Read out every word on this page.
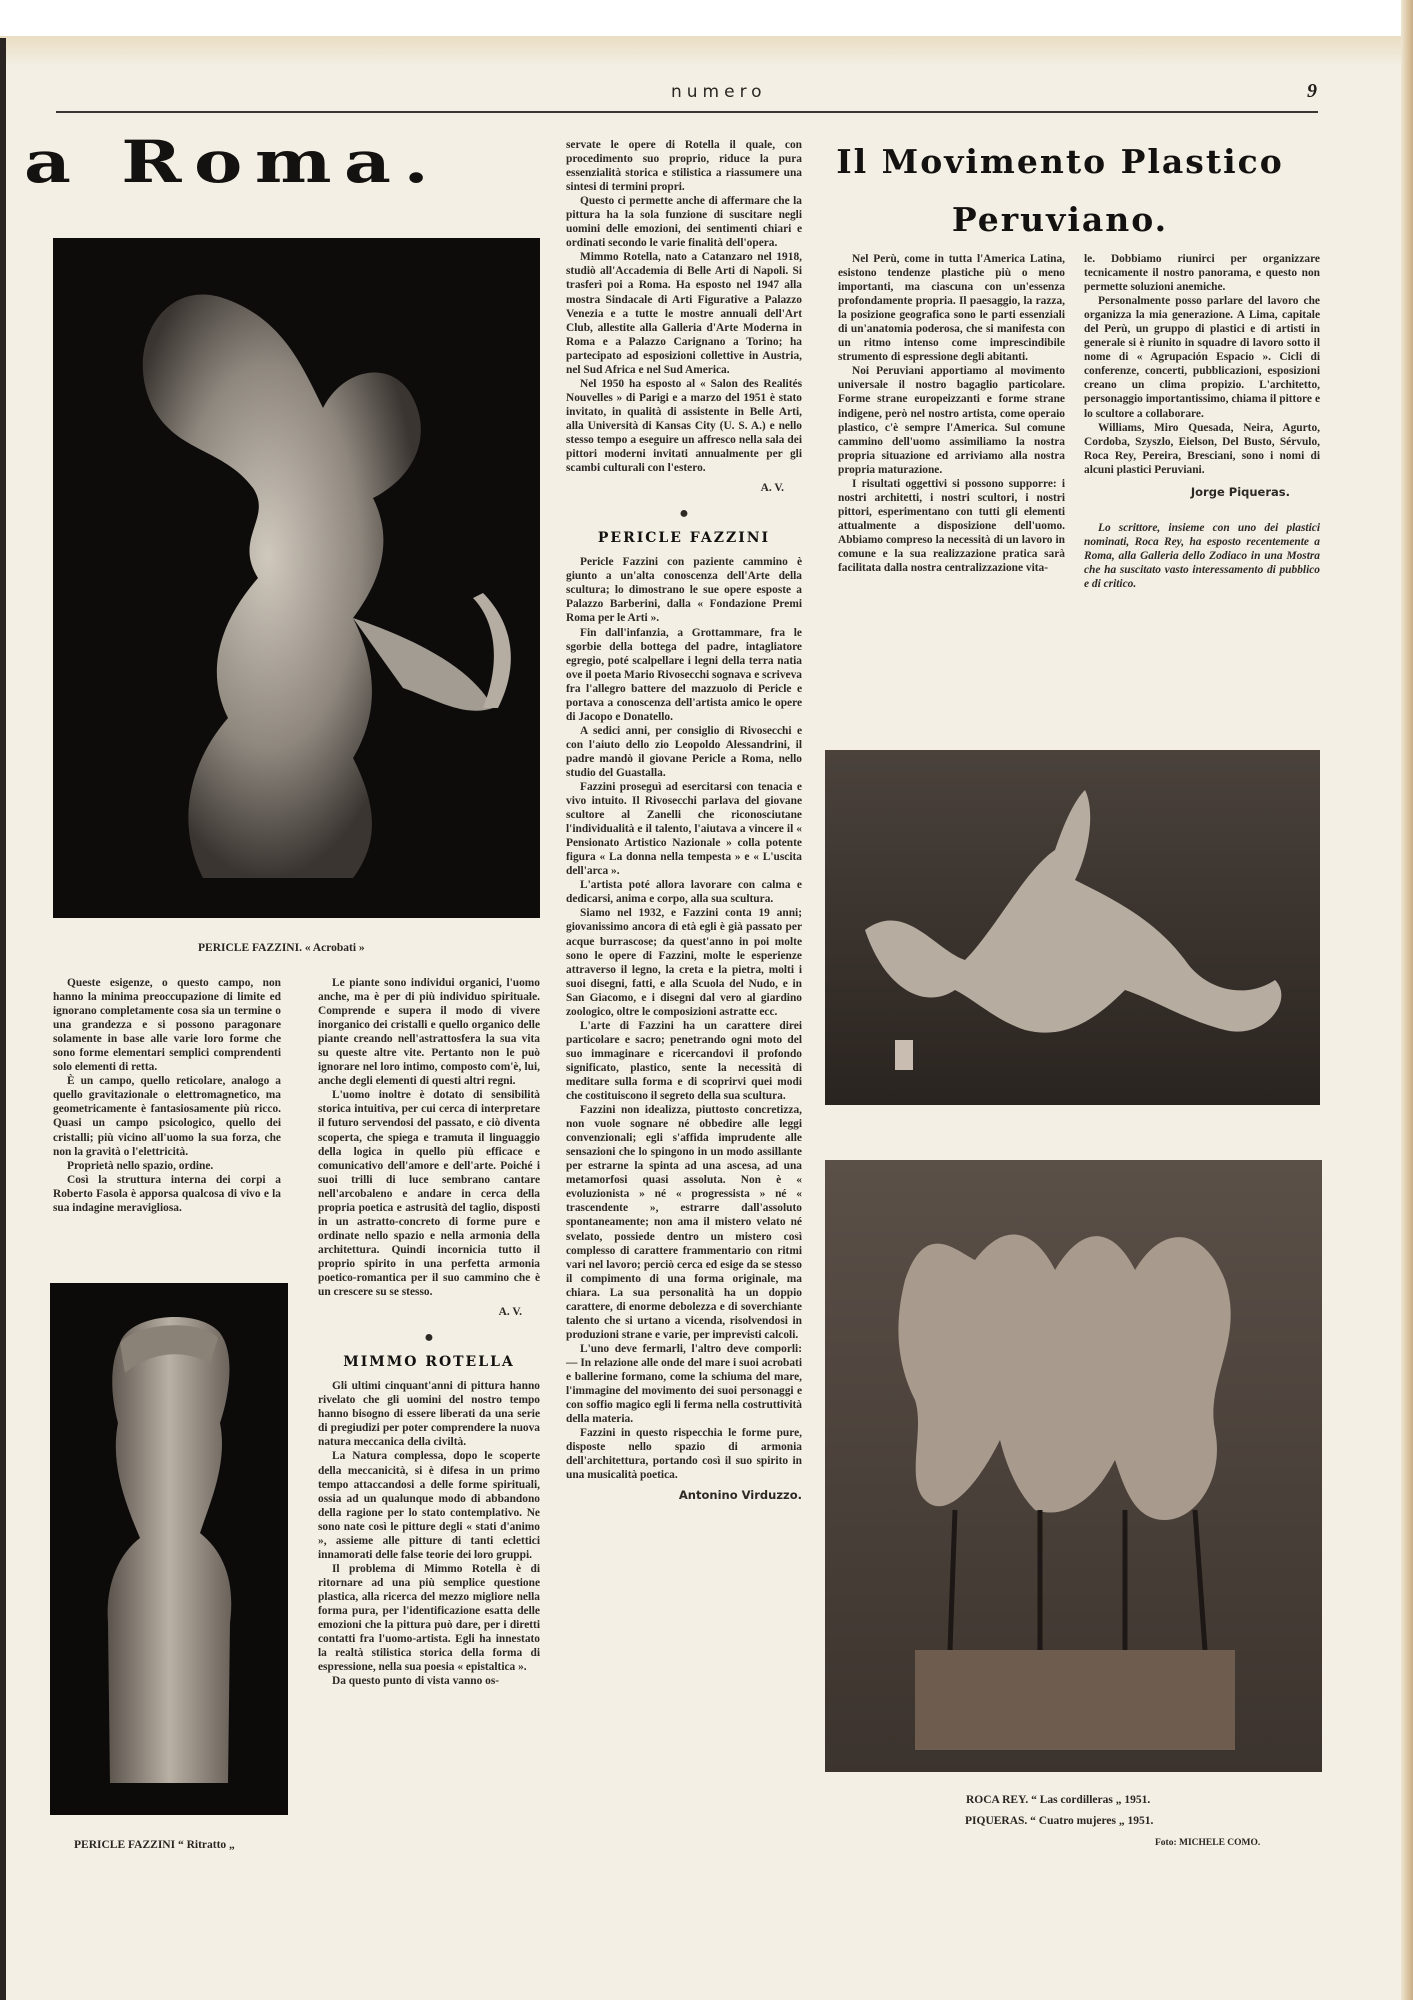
numero	9
a Roma.	Il Movimento Plastico
Peruviano.
PERICLE FAZZINI. « Acrobati »
PERICLE FAZZINI “ Ritratto „
ROCA REY. “ Las cordilleras „ 1951.
PIQUERAS. “ Cuatro mujeres „ 1951.
Foto: MICHELE COMO.

Queste esigenze, o questo campo, non hanno la minima preoccupazione di limite ed ignorano completamente cosa sia un termine o una grandezza e si possono paragonare solamente in base alle varie loro forme che sono forme elementari semplici comprendenti solo elementi di retta.

È un campo, quello reticolare, analogo a quello gravitazionale o elettromagnetico, ma geometricamente è fantasiosamente più ricco. Quasi un campo psicologico, quello dei cristalli; più vicino all'uomo la sua forza, che non la gravità o l'elettricità.

Proprietà nello spazio, ordine.

Così la struttura interna dei corpi a Roberto Fasola è apporsa qualcosa di vivo e la sua indagine meravigliosa.

Le piante sono individui organici, l'uomo anche, ma è per di più individuo spirituale. Comprende e supera il modo di vivere inorganico dei cristalli e quello organico delle piante creando nell'astrattosfera la sua vita su queste altre vite. Pertanto non le può ignorare nel loro intimo, composto com'è, lui, anche degli elementi di questi altri regni.

L'uomo inoltre è dotato di sensibilità storica intuitiva, per cui cerca di interpretare il futuro servendosi del passato, e ciò diventa scoperta, che spiega e tramuta il linguaggio della logica in quello più efficace e comunicativo dell'amore e dell'arte. Poiché i suoi trilli di luce sembrano cantare nell'arcobaleno e andare in cerca della propria poetica e astrusità del taglio, disposti in un astratto-concreto di forme pure e ordinate nello spazio e nella armonia della architettura. Quindi incornicia tutto il proprio spirito in una perfetta armonia poetico-romantica per il suo cammino che è un crescere su se stesso.

A. V.
●
MIMMO ROTELLA

Gli ultimi cinquant'anni di pittura hanno rivelato che gli uomini del nostro tempo hanno bisogno di essere liberati da una serie di pregiudizi per poter comprendere la nuova natura meccanica della civiltà.

La Natura complessa, dopo le scoperte della meccanicità, si è difesa in un primo tempo attaccandosi a delle forme spirituali, ossia ad un qualunque modo di abbandono della ragione per lo stato contemplativo. Ne sono nate così le pitture degli « stati d'animo », assieme alle pitture di tanti eclettici innamorati delle false teorie dei loro gruppi.

Il problema di Mimmo Rotella è di ritornare ad una più semplice questione plastica, alla ricerca del mezzo migliore nella forma pura, per l'identificazione esatta delle emozioni che la pittura può dare, per i diretti contatti fra l'uomo-artista. Egli ha innestato la realtà stilistica storica della forma di espressione, nella sua poesia « epistaltica ».

Da questo punto di vista vanno os-

servate le opere di Rotella il quale, con procedimento suo proprio, riduce la pura essenzialità storica e stilistica a riassumere una sintesi di termini propri.

Questo ci permette anche di affermare che la pittura ha la sola funzione di suscitare negli uomini delle emozioni, dei sentimenti chiari e ordinati secondo le varie finalità dell'opera.

Mimmo Rotella, nato a Catanzaro nel 1918, studiò all'Accademia di Belle Arti di Napoli. Si trasferì poi a Roma. Ha esposto nel 1947 alla mostra Sindacale di Arti Figurative a Palazzo Venezia e a tutte le mostre annuali dell'Art Club, allestite alla Galleria d'Arte Moderna in Roma e a Palazzo Carignano a Torino; ha partecipato ad esposizioni collettive in Austria, nel Sud Africa e nel Sud America.

Nel 1950 ha esposto al « Salon des Realités Nouvelles » di Parigi e a marzo del 1951 è stato invitato, in qualità di assistente in Belle Arti, alla Università di Kansas City (U. S. A.) e nello stesso tempo a eseguire un affresco nella sala dei pittori moderni invitati annualmente per gli scambi culturali con l'estero.

A. V.
●
PERICLE FAZZINI

Pericle Fazzini con paziente cammino è giunto a un'alta conoscenza dell'Arte della scultura; lo dimostrano le sue opere esposte a Palazzo Barberini, dalla « Fondazione Premi Roma per le Arti ».

Fin dall'infanzia, a Grottammare, fra le sgorbie della bottega del padre, intagliatore egregio, poté scalpellare i legni della terra natia ove il poeta Mario Rivosecchi sognava e scriveva fra l'allegro battere del mazzuolo di Pericle e portava a conoscenza dell'artista amico le opere di Jacopo e Donatello.

A sedici anni, per consiglio di Rivosecchi e con l'aiuto dello zio Leopoldo Alessandrini, il padre mandò il giovane Pericle a Roma, nello studio del Guastalla.

Fazzini proseguì ad esercitarsi con tenacia e vivo intuito. Il Rivosecchi parlava del giovane scultore al Zanelli che riconosciutane l'individualità e il talento, l'aiutava a vincere il « Pensionato Artistico Nazionale » colla potente figura « La donna nella tempesta » e « L'uscita dell'arca ».

L'artista poté allora lavorare con calma e dedicarsi, anima e corpo, alla sua scultura.

Siamo nel 1932, e Fazzini conta 19 anni; giovanissimo ancora di età egli è già passato per acque burrascose; da quest'anno in poi molte sono le opere di Fazzini, molte le esperienze attraverso il legno, la creta e la pietra, molti i suoi disegni, fatti, e alla Scuola del Nudo, e in San Giacomo, e i disegni dal vero al giardino zoologico, oltre le composizioni astratte ecc.

L'arte di Fazzini ha un carattere direi particolare e sacro; penetrando ogni moto del suo immaginare e ricercandovi il profondo significato, plastico, sente la necessità di meditare sulla forma e di scoprirvi quei modi che costituiscono il segreto della sua scultura.

Fazzini non idealizza, piuttosto concretizza, non vuole sognare né obbedire alle leggi convenzionali; egli s'affida imprudente alle sensazioni che lo spingono in un modo assillante per estrarne la spinta ad una ascesa, ad una metamorfosi quasi assoluta. Non è « evoluzionista » né « progressista » né « trascendente », estrarre dall'assoluto spontaneamente; non ama il mistero velato né svelato, possiede dentro un mistero così complesso di carattere frammentario con ritmi vari nel lavoro; perciò cerca ed esige da se stesso il compimento di una forma originale, ma chiara. La sua personalità ha un doppio carattere, di enorme debolezza e di soverchiante talento che si urtano a vicenda, risolvendosi in produzioni strane e varie, per imprevisti calcoli.

L'uno deve fermarli, l'altro deve comporli: — In relazione alle onde del mare i suoi acrobati e ballerine formano, come la schiuma del mare, l'immagine del movimento dei suoi personaggi e con soffio magico egli li ferma nella costruttività della materia.

Fazzini in questo rispecchia le forme pure, disposte nello spazio di armonia dell'architettura, portando così il suo spirito in una musicalità poetica.

Antonino Virduzzo.

Nel Perù, come in tutta l'America Latina, esistono tendenze plastiche più o meno importanti, ma ciascuna con un'essenza profondamente propria. Il paesaggio, la razza, la posizione geografica sono le parti essenziali di un'anatomia poderosa, che si manifesta con un ritmo intenso come imprescindibile strumento di espressione degli abitanti.

Noi Peruviani apportiamo al movimento universale il nostro bagaglio particolare. Forme strane europeizzanti e forme strane indigene, però nel nostro artista, come operaio plastico, c'è sempre l'America. Sul comune cammino dell'uomo assimiliamo la nostra propria situazione ed arriviamo alla nostra propria maturazione.

I risultati oggettivi si possono supporre: i nostri architetti, i nostri scultori, i nostri pittori, esperimentano con tutti gli elementi attualmente a disposizione dell'uomo. Abbiamo compreso la necessità di un lavoro in comune e la sua realizzazione pratica sarà facilitata dalla nostra centralizzazione vita-

le. Dobbiamo riunirci per organizzare tecnicamente il nostro panorama, e questo non permette soluzioni anemiche.

Personalmente posso parlare del lavoro che organizza la mia generazione. A Lima, capitale del Perù, un gruppo di plastici e di artisti in generale si è riunito in squadre di lavoro sotto il nome di « Agrupación Espacio ». Cicli di conferenze, concerti, pubblicazioni, esposizioni creano un clima propizio. L'architetto, personaggio importantissimo, chiama il pittore e lo scultore a collaborare.

Williams, Miro Quesada, Neira, Agurto, Cordoba, Szyszlo, Eielson, Del Busto, Sérvulo, Roca Rey, Pereira, Bresciani, sono i nomi di alcuni plastici Peruviani.

Jorge Piqueras.

Lo scrittore, insieme con uno dei plastici nominati, Roca Rey, ha esposto recentemente a Roma, alla Galleria dello Zodiaco in una Mostra che ha suscitato vasto interessamento di pubblico e di critico.
